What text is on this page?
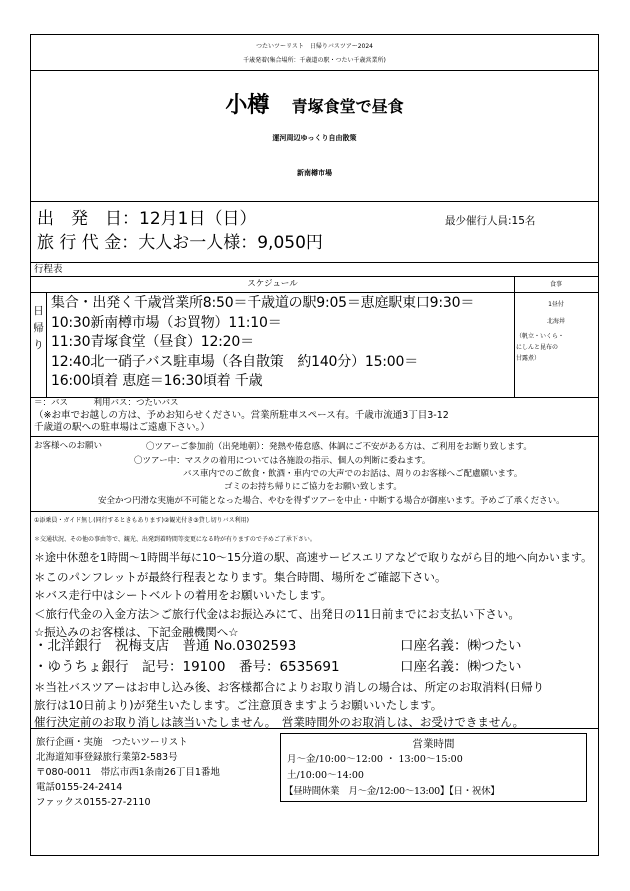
つたいツーリスト　日帰りバスツアー2024
千歳発着(集合場所：千歳道の駅・つたい千歳営業所)
小樽 青塚食堂で昼食
運河周辺ゆっくり自由散策
新南樽市場
出　発　日：12月1日（日）	最少催行人員:15名
旅 行 代 金：大人お一人様：9,050円
行程表
スケジュール	食事
日
帰
り
集合・出発く千歳営業所8:50＝千歳道の駅9:05＝恵庭駅東口9:30＝
10:30新南樽市場（お買物）11:10＝
11:30青塚食堂（昼食）12:20＝
12:40北一硝子バス駐車場（各自散策　約140分）15:00＝
16:00頃着 恵庭＝16:30頃着 千歳
1昼付
北海丼
（帆立・いくら・
にしんと昆布の
甘露煮）
＝：バス　　　利用バス：つたいバス
（※お車でお越しの方は、予めお知らせください。営業所駐車スペース有。千歳市流通3丁目3-12
千歳道の駅への駐車場はご遠慮下さい。）
お客様へのお願い	〇ツアーご参加前（出発地朝）：発熱や倦怠感、体調にご不安がある方は、ご利用をお断り致します。
〇ツアー中：マスクの着用については各施設の指示、個人の判断に委ねます。
バス車内でのご飲食・飲酒・車内での大声でのお話は、周りのお客様へご配慮願います。
ゴミのお持ち帰りにご協力をお願い致します。
安全かつ円滑な実施が不可能となった場合、やむを得ずツアーを中止・中断する場合が御座います。予めご了承ください。

①添乗員・ガイド無し(同行するときもあります)②観光付き③貸し切りバス利用)

＊交通状況、その他の事由等で、観光、出発到着時間等変更になる時が有りますので予めご了承下さい。

＊途中休憩を1時間〜1時間半毎に10〜15分道の駅、高速サービスエリアなどで取りながら目的地へ向かいます。

＊このパンフレットが最終行程表となります。集合時間、場所をご確認下さい。

＊バス走行中はシートベルトの着用をお願いいたします。

＜旅行代金の入金方法＞ご旅行代金はお振込みにて、出発日の11日前までにお支払い下さい。

☆振込みのお客様は、下記金融機関へ☆

・北洋銀行　祝梅支店　普通 No.0302593	口座名義：㈱つたい
・ゆうちょ銀行　記号：19100　番号：6535691	口座名義：㈱つたい

＊当社バスツアーはお申し込み後、お客様都合によりお取り消しの場合は、所定のお取消料(日帰り

旅行は10日前より)が発生いたします。ご注意頂きますようお願いいたします。

催行決定前のお取り消しは該当いたしません。　営業時間外のお取消しは、お受けできません。

旅行企画・実施　つたいツーリスト
北海道知事登録旅行業第2-583号
〒080-0011　帯広市西1条南26丁目1番地
電話0155-24-2414
ファックス0155-27-2110
営業時間
月〜金/10:00〜12:00 ・ 13:00〜15:00
土/10:00〜14:00
【昼時間休業　月〜金/12:00〜13:00】【日・祝休】
